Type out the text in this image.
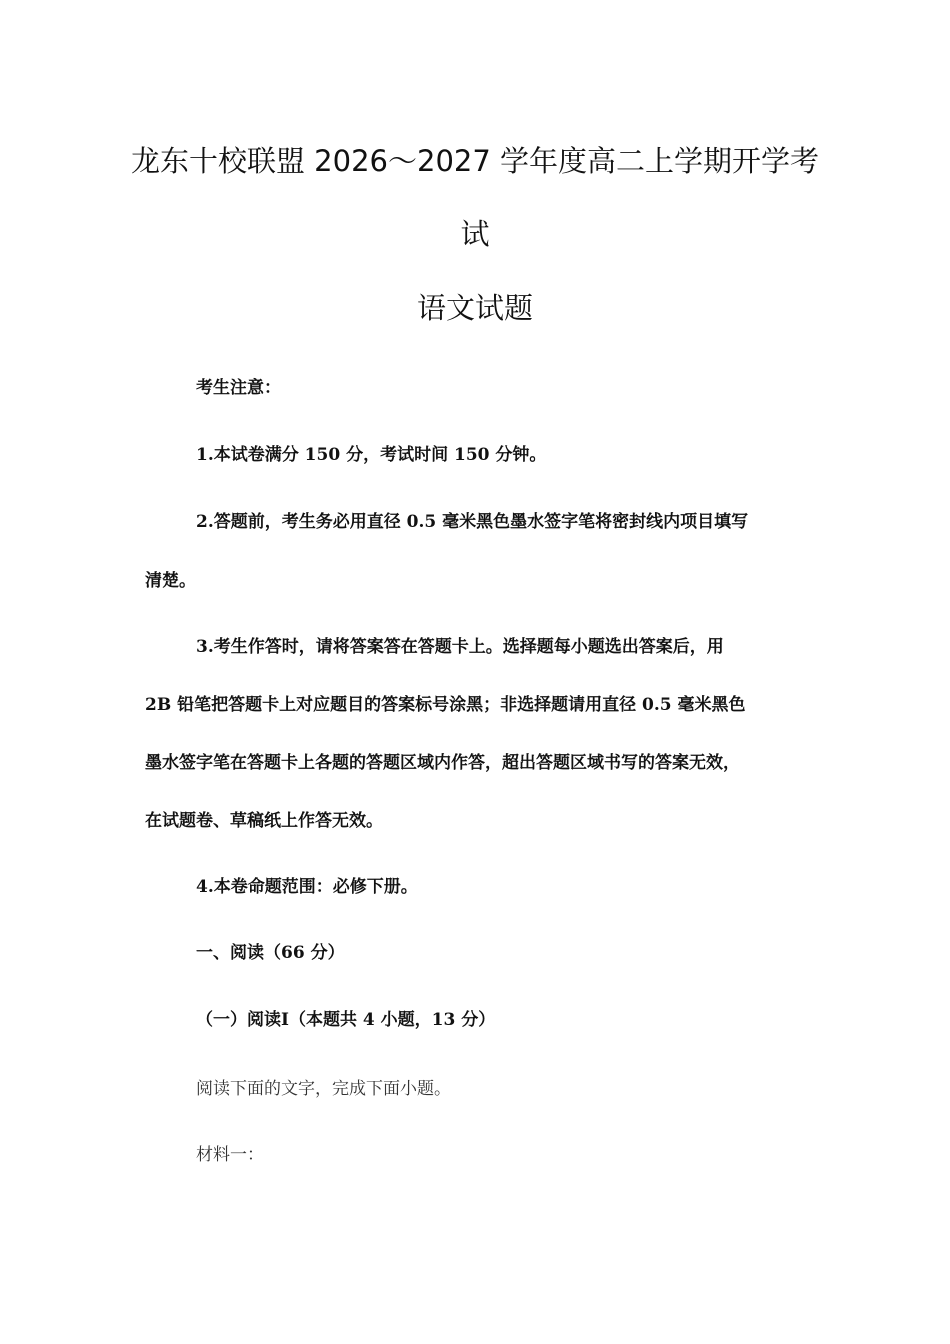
龙东十校联盟 2026～2027 学年度高二上学期开学考
试
语文试题
考生注意：
1.本试卷满分 150 分，考试时间 150 分钟。
2.答题前，考生务必用直径 0.5 毫米黑色墨水签字笔将密封线内项目填写
清楚。
3.考生作答时，请将答案答在答题卡上。选择题每小题选出答案后，用
2B 铅笔把答题卡上对应题目的答案标号涂黑；非选择题请用直径 0.5 毫米黑色
墨水签字笔在答题卡上各题的答题区域内作答，超出答题区域书写的答案无效，
在试题卷、草稿纸上作答无效。
4.本卷命题范围：必修下册。
一、阅读（66 分）
（一）阅读Ⅰ（本题共 4 小题，13 分）
阅读下面的文字，完成下面小题。
材料一：
